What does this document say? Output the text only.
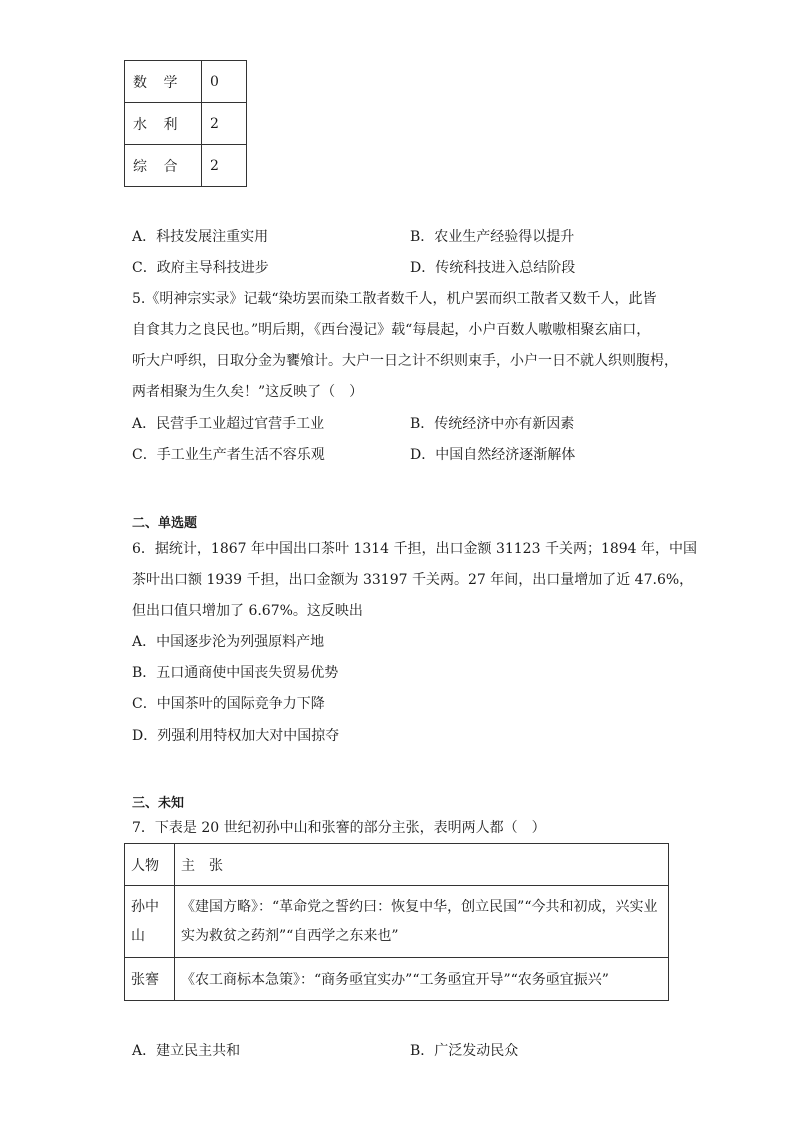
数 学	0
水 利	2
综 合	2
A．科技发展注重实用	B．农业生产经验得以提升
C．政府主导科技进步	D．传统科技进入总结阶段
5.《明神宗实录》记载“染坊罢而染工散者数千人，机户罢而织工散者又数千人，此皆
自食其力之良民也。”明后期，《西台漫记》载“每晨起，小户百数人嗷嗷相聚玄庙口，
听大户呼织，日取分金为饔飧计。大户一日之计不织则束手，小户一日不就人织则腹枵，
两者相聚为生久矣！”这反映了（　）
A．民营手工业超过官营手工业	B．传统经济中亦有新因素
C．手工业生产者生活不容乐观	D．中国自然经济逐渐解体
二、单选题
6．据统计，1867 年中国出口茶叶 1314 千担，出口金额 31123 千关两；1894 年，中国
茶叶出口额 1939 千担，出口金额为 33197 千关两。27 年间，出口量增加了近 47.6%，
但出口值只增加了 6.67%。这反映出
A．中国逐步沦为列强原料产地
B．五口通商使中国丧失贸易优势
C．中国茶叶的国际竞争力下降
D．列强利用特权加大对中国掠夺
三、未知
7．下表是 20 世纪初孙中山和张謇的部分主张，表明两人都（　）
人物	主　张
孙中山	《建国方略》：“革命党之誓约曰：恢复中华，创立民国”“今共和初成，兴实业
实为救贫之药剂”“自西学之东来也”

张謇	《农工商标本急策》：“商务亟宜实办”“工务亟宜开导”“农务亟宜振兴”
A．建立民主共和	B．广泛发动民众
